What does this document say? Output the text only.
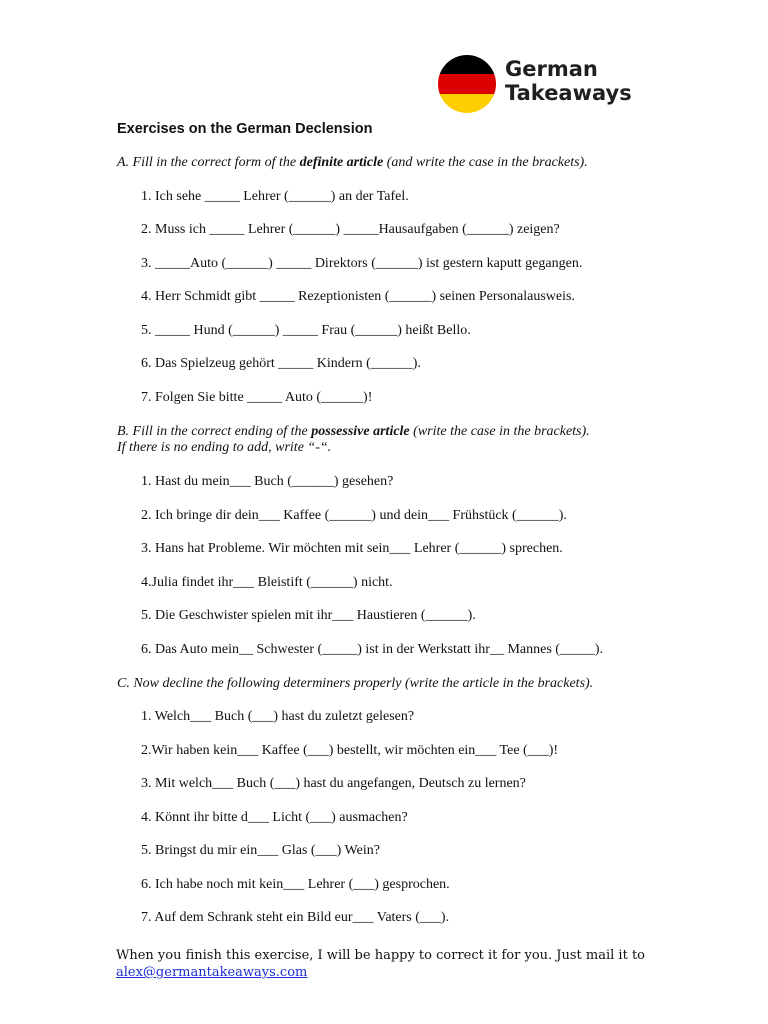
German
Takeaways
Exercises on the German Declension
A. Fill in the correct form of the definite article (and write the case in the brackets).
1. Ich sehe _____ Lehrer (______) an der Tafel.
2. Muss ich _____ Lehrer (______) _____Hausaufgaben (______) zeigen?
3. _____Auto (______) _____ Direktors (______) ist gestern kaputt gegangen.
4. Herr Schmidt gibt _____ Rezeptionisten (______) seinen Personalausweis.
5. _____ Hund (______) _____ Frau (______) heißt Bello.
6. Das Spielzeug gehört _____ Kindern (______).
7. Folgen Sie bitte _____ Auto (______)!
B. Fill in the correct ending of the possessive article (write the case in the brackets).
If there is no ending to add, write “-“.
1. Hast du mein___ Buch (______) gesehen?
2. Ich bringe dir dein___ Kaffee (______) und dein___ Frühstück (______).
3. Hans hat Probleme. Wir möchten mit sein___ Lehrer (______) sprechen.
4.Julia findet ihr___ Bleistift (______) nicht.
5. Die Geschwister spielen mit ihr___ Haustieren (______).
6. Das Auto mein__ Schwester (_____) ist in der Werkstatt ihr__ Mannes (_____).
C. Now decline the following determiners properly (write the article in the brackets).
1. Welch___ Buch (___) hast du zuletzt gelesen?
2.Wir haben kein___ Kaffee (___) bestellt, wir möchten ein___ Tee (___)!
3. Mit welch___ Buch (___) hast du angefangen, Deutsch zu lernen?
4. Könnt ihr bitte d___ Licht (___) ausmachen?
5. Bringst du mir ein___ Glas (___) Wein?
6. Ich habe noch mit kein___ Lehrer (___) gesprochen.
7. Auf dem Schrank steht ein Bild eur___ Vaters (___).
When you finish this exercise, I will be happy to correct it for you. Just mail it to
alex@germantakeaways.com
